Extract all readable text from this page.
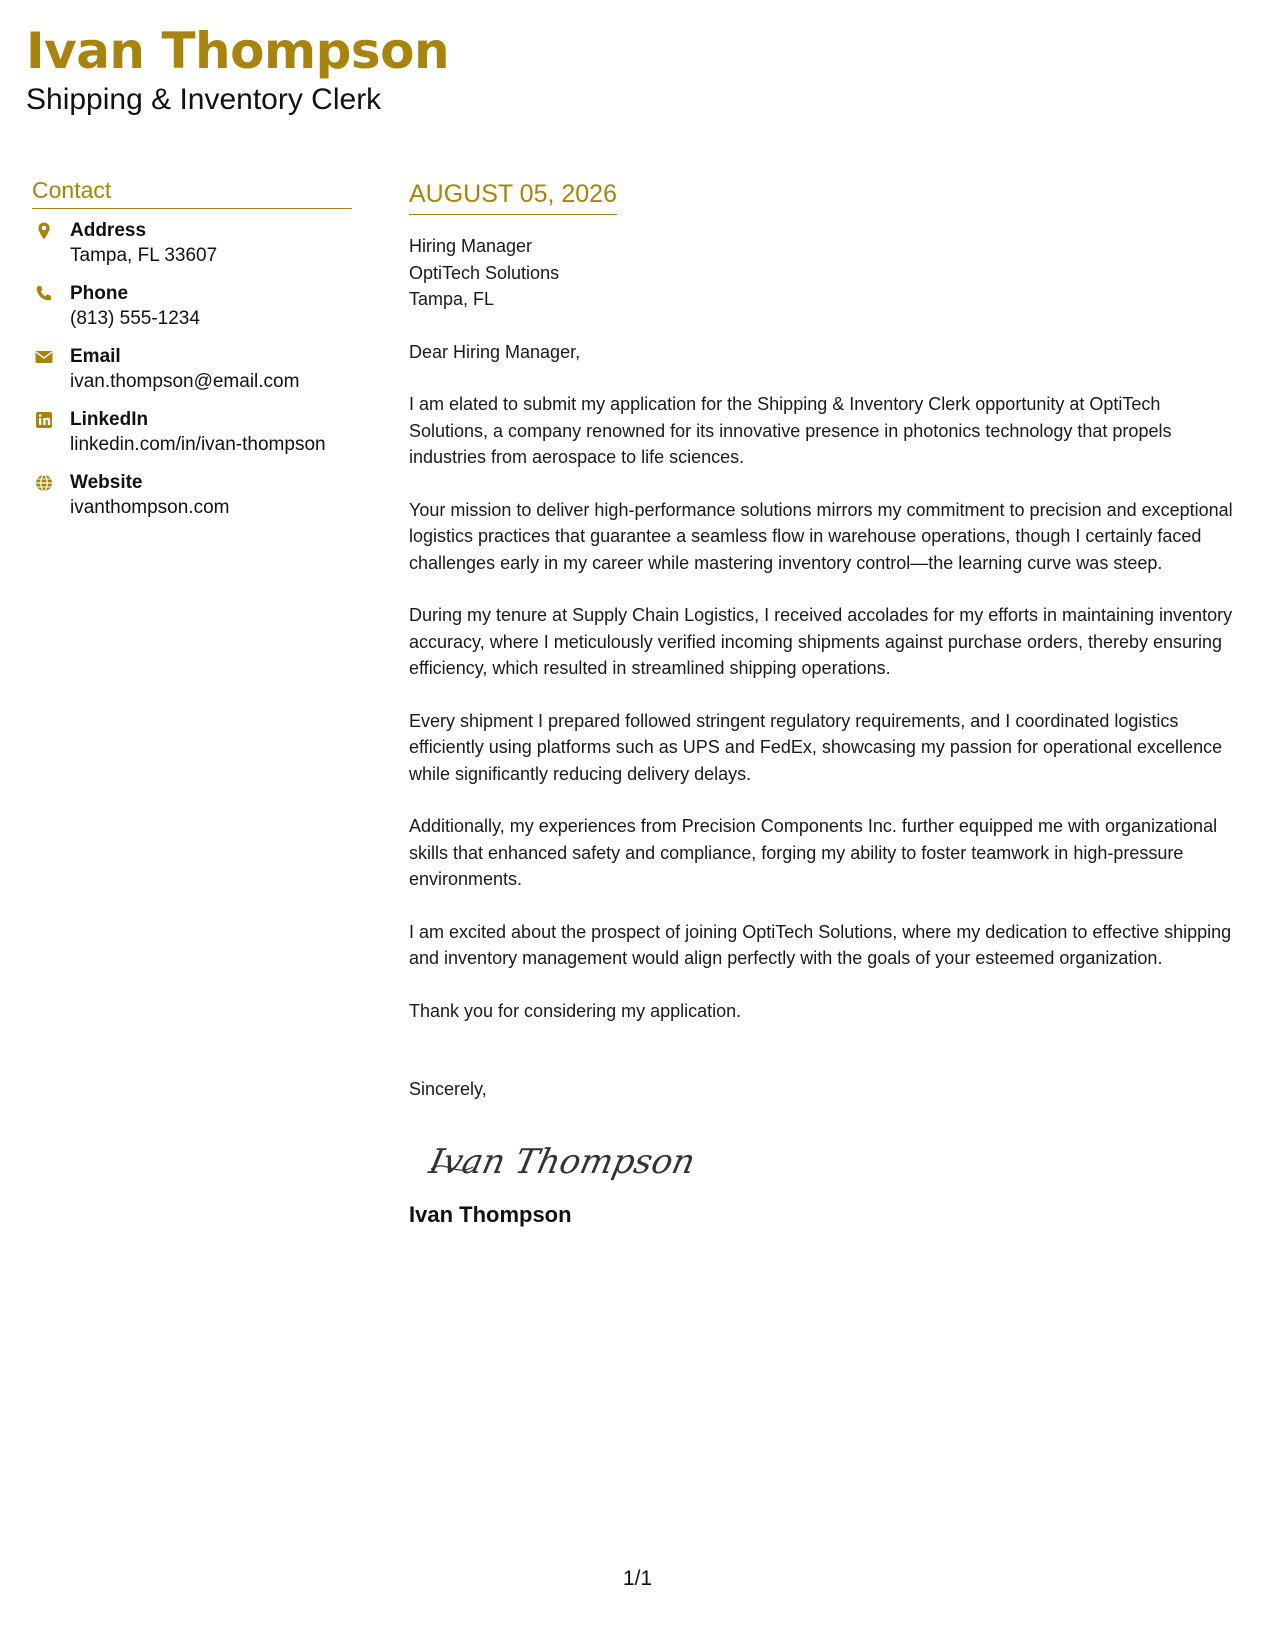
Ivan Thompson
Shipping & Inventory Clerk
Contact
Address
Tampa, FL 33607
Phone
(813) 555-1234
Email
ivan.thompson@email.com
LinkedIn
linkedin.com/in/ivan-thompson
Website
ivanthompson.com
AUGUST 05, 2026
Hiring Manager
OptiTech Solutions
Tampa, FL
Dear Hiring Manager,
I am elated to submit my application for the Shipping & Inventory Clerk opportunity at OptiTech Solutions, a company renowned for its innovative presence in photonics technology that propels industries from aerospace to life sciences.
Your mission to deliver high-performance solutions mirrors my commitment to precision and exceptional logistics practices that guarantee a seamless flow in warehouse operations, though I certainly faced challenges early in my career while mastering inventory control—the learning curve was steep.
During my tenure at Supply Chain Logistics, I received accolades for my efforts in maintaining inventory accuracy, where I meticulously verified incoming shipments against purchase orders, thereby ensuring efficiency, which resulted in streamlined shipping operations.
Every shipment I prepared followed stringent regulatory requirements, and I coordinated logistics efficiently using platforms such as UPS and FedEx, showcasing my passion for operational excellence while significantly reducing delivery delays.
Additionally, my experiences from Precision Components Inc. further equipped me with organizational skills that enhanced safety and compliance, forging my ability to foster teamwork in high-pressure environments.
I am excited about the prospect of joining OptiTech Solutions, where my dedication to effective shipping and inventory management would align perfectly with the goals of your esteemed organization.
Thank you for considering my application.
Sincerely,
Ivan Thompson
Ivan Thompson
1/1
